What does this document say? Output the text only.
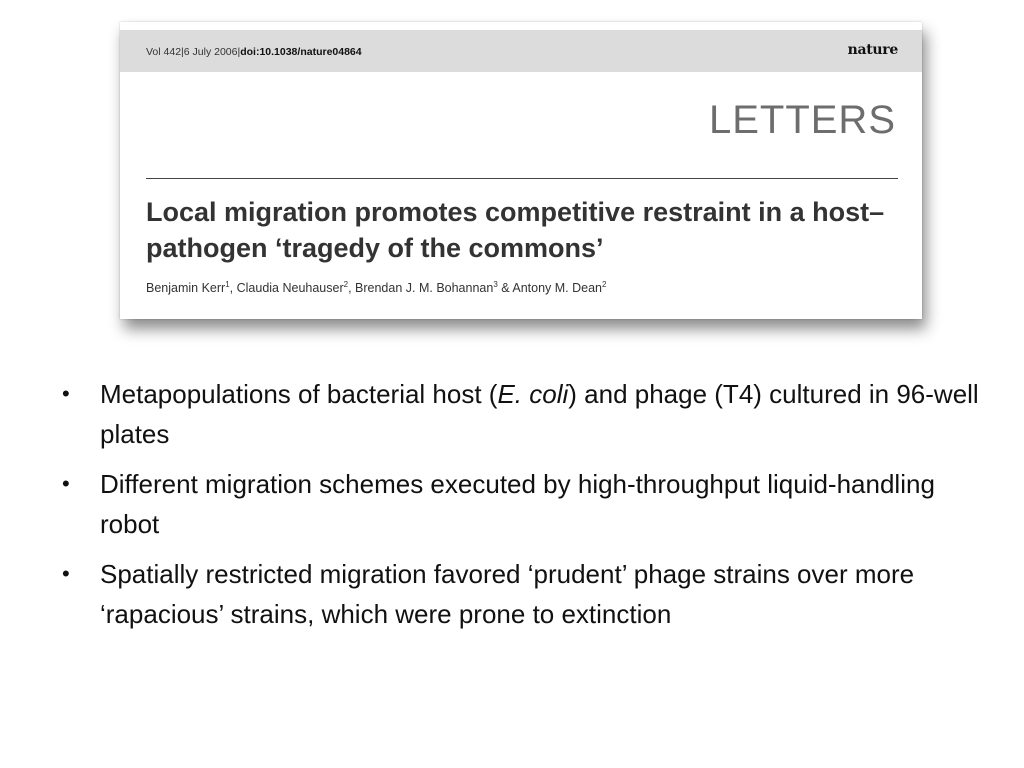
Vol 442|6 July 2006|doi:10.1038/nature04864	nature
LETTERS
Local migration promotes competitive restraint in a host–pathogen ‘tragedy of the commons’
Benjamin Kerr$^1$, Claudia Neuhauser$^2$, Brendan J. M. Bohannan$^3$ & Antony M. Dean$^2$
• Metapopulations of bacterial host (E. coli) and phage (T4) cultured in 96-well plates
• Different migration schemes executed by high-throughput liquid-handling robot
• Spatially restricted migration favored ‘prudent’ phage strains over more ‘rapacious’ strains, which were prone to extinction
